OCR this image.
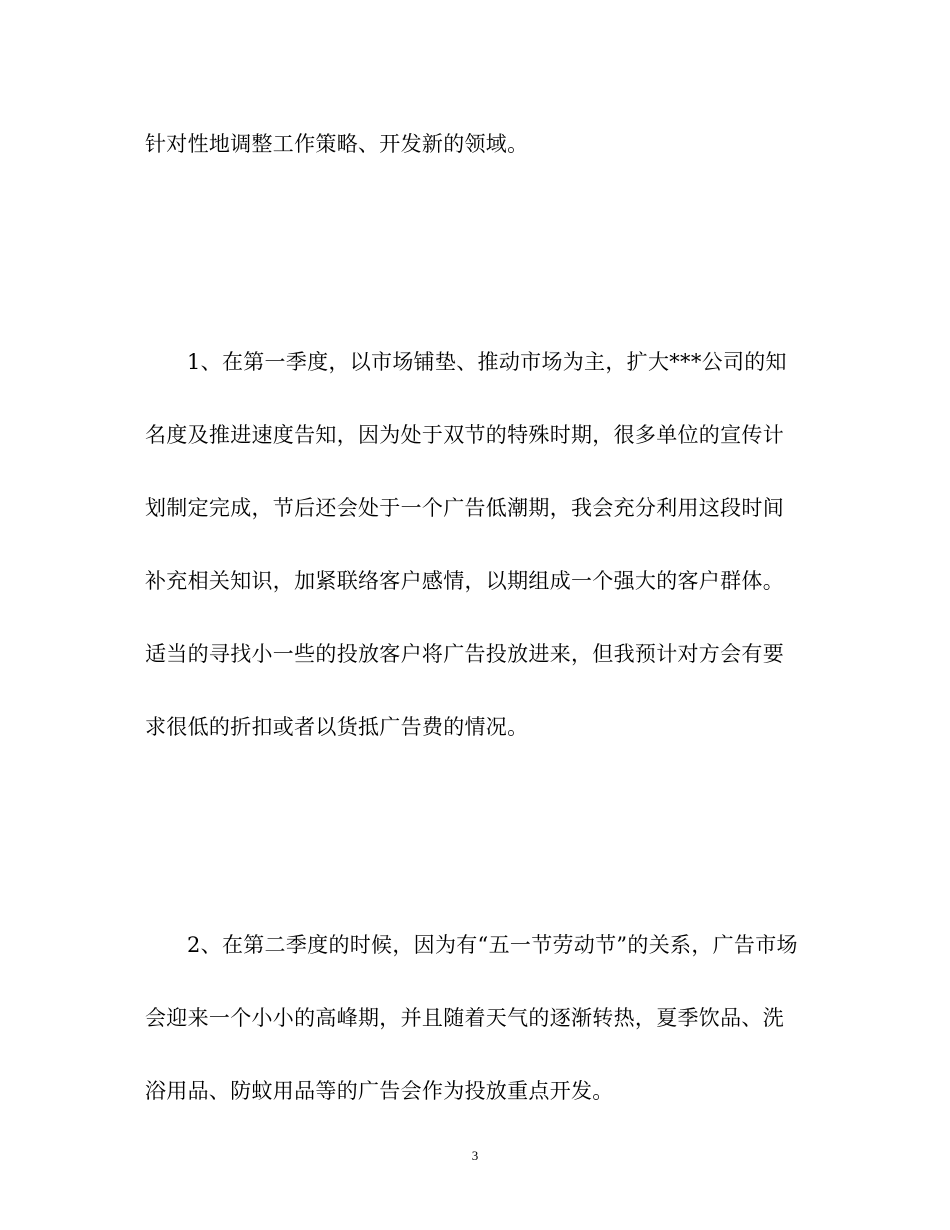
针对性地调整工作策略、开发新的领域。
1、在第一季度，以市场铺垫、推动市场为主，扩大***公司的知
名度及推进速度告知，因为处于双节的特殊时期，很多单位的宣传计
划制定完成，节后还会处于一个广告低潮期，我会充分利用这段时间
补充相关知识，加紧联络客户感情，以期组成一个强大的客户群体。
适当的寻找小一些的投放客户将广告投放进来，但我预计对方会有要
求很低的折扣或者以货抵广告费的情况。
2、在第二季度的时候，因为有“五一节劳动节”的关系，广告市场
会迎来一个小小的高峰期，并且随着天气的逐渐转热，夏季饮品、洗
浴用品、防蚊用品等的广告会作为投放重点开发。
3
